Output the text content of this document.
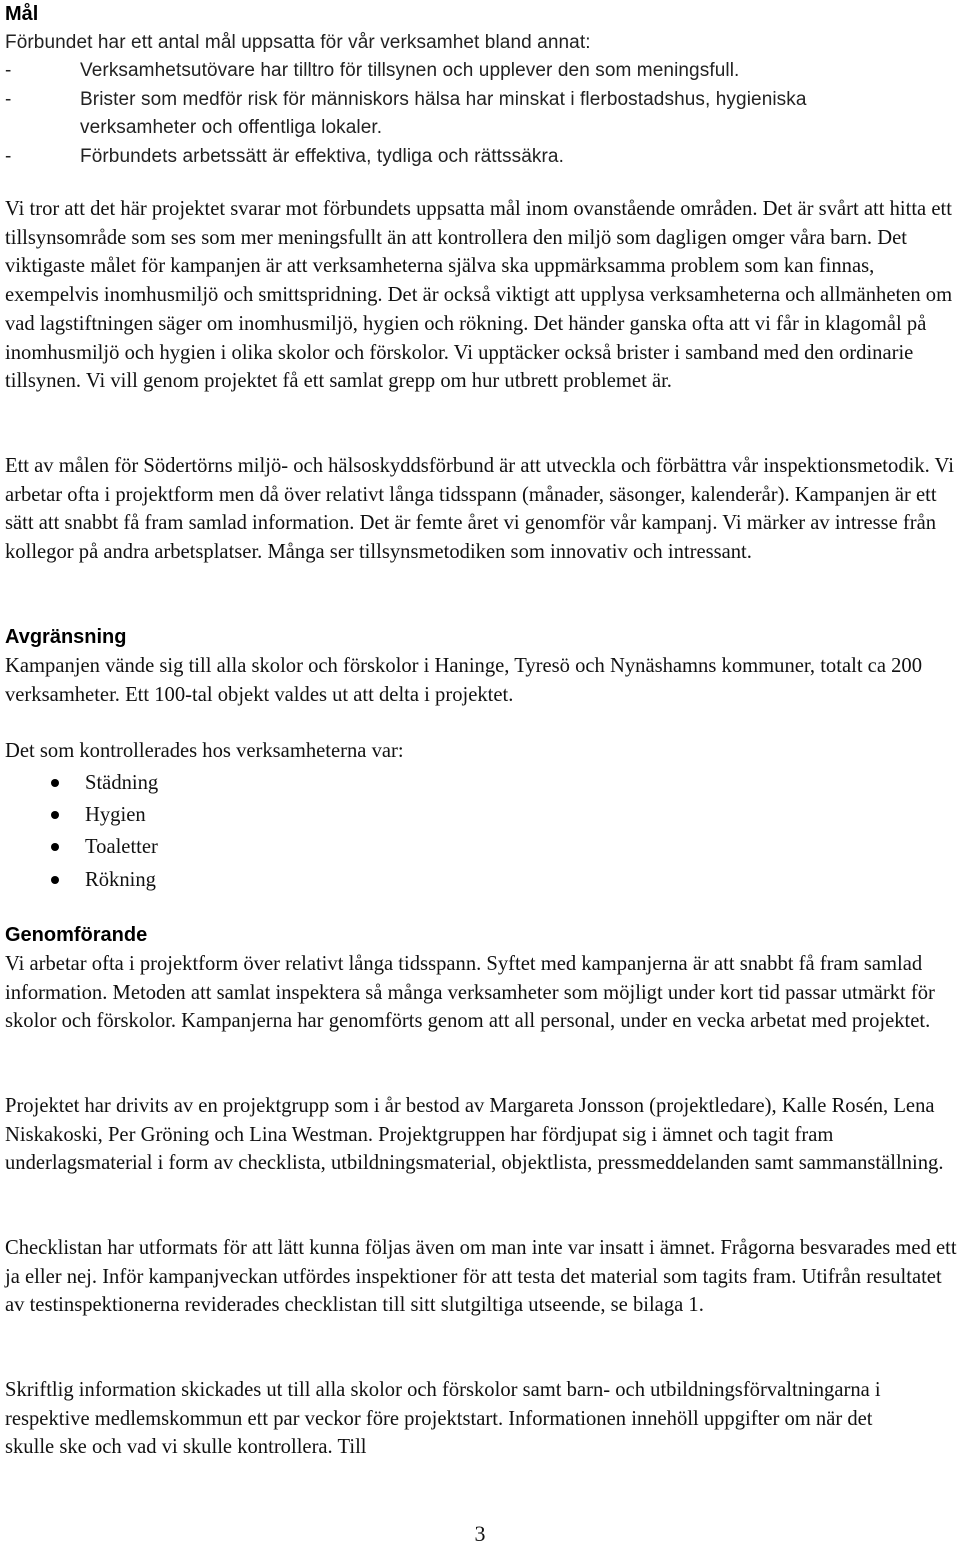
Mål
Förbundet har ett antal mål uppsatta för vår verksamhet bland annat:
-	Verksamhetsutövare har tilltro för tillsynen och upplever den som meningsfull.
-	Brister som medför risk för människors hälsa har minskat i flerbostadshus, hygieniska verksamheter och offentliga lokaler.
-	Förbundets arbetssätt är effektiva, tydliga och rättssäkra.

Vi tror att det här projektet svarar mot förbundets uppsatta mål inom ovanstående områden. Det är svårt att hitta ett tillsynsområde som ses som mer meningsfullt än att kontrollera den miljö som dagligen omger våra barn. Det viktigaste målet för kampanjen är att verksamheterna själva ska uppmärksamma problem som kan finnas, exempelvis inomhusmiljö och smittspridning. Det är också viktigt att upplysa verksamheterna och allmänheten om vad lagstiftningen säger om inomhusmiljö, hygien och rökning. Det händer ganska ofta att vi får in klagomål på inomhusmiljö och hygien i olika skolor och förskolor. Vi upptäcker också brister i samband med den ordinarie tillsynen. Vi vill genom projektet få ett samlat grepp om hur utbrett problemet är.

Ett av målen för Södertörns miljö- och hälsoskyddsförbund är att utveckla och förbättra vår inspektionsmetodik. Vi arbetar ofta i projektform men då över relativt långa tidsspann (månader, säsonger, kalenderår). Kampanjen är ett sätt att snabbt få fram samlad information. Det är femte året vi genomför vår kampanj. Vi märker av intresse från kollegor på andra arbetsplatser. Många ser tillsynsmetodiken som innovativ och intressant.

Avgränsning

Kampanjen vände sig till alla skolor och förskolor i Haninge, Tyresö och Nynäshamns kommuner, totalt ca 200 verksamheter. Ett 100-tal objekt valdes ut att delta i projektet.

Det som kontrollerades hos verksamheterna var:

Städning
Hygien
Toaletter
Rökning
Genomförande

Vi arbetar ofta i projektform över relativt långa tidsspann. Syftet med kampanjerna är att snabbt få fram samlad information. Metoden att samlat inspektera så många verksamheter som möjligt under kort tid passar utmärkt för skolor och förskolor. Kampanjerna har genomförts genom att all personal, under en vecka arbetat med projektet.

Projektet har drivits av en projektgrupp som i år bestod av Margareta Jonsson (projektledare), Kalle Rosén, Lena Niskakoski, Per Gröning och Lina Westman. Projektgruppen har fördjupat sig i ämnet och tagit fram underlagsmaterial i form av checklista, utbildningsmaterial, objektlista, pressmeddelanden samt sammanställning.

Checklistan har utformats för att lätt kunna följas även om man inte var insatt i ämnet. Frågorna besvarades med ett ja eller nej. Inför kampanjveckan utfördes inspektioner för att testa det material som tagits fram. Utifrån resultatet av testinspektionerna reviderades checklistan till sitt slutgiltiga utseende, se bilaga 1.

Skriftlig information skickades ut till alla skolor och förskolor samt barn- och utbildningsförvaltningarna i respektive medlemskommun ett par veckor före projektstart. Informationen innehöll uppgifter om när det skulle ske och vad vi skulle kontrollera. Till

3
